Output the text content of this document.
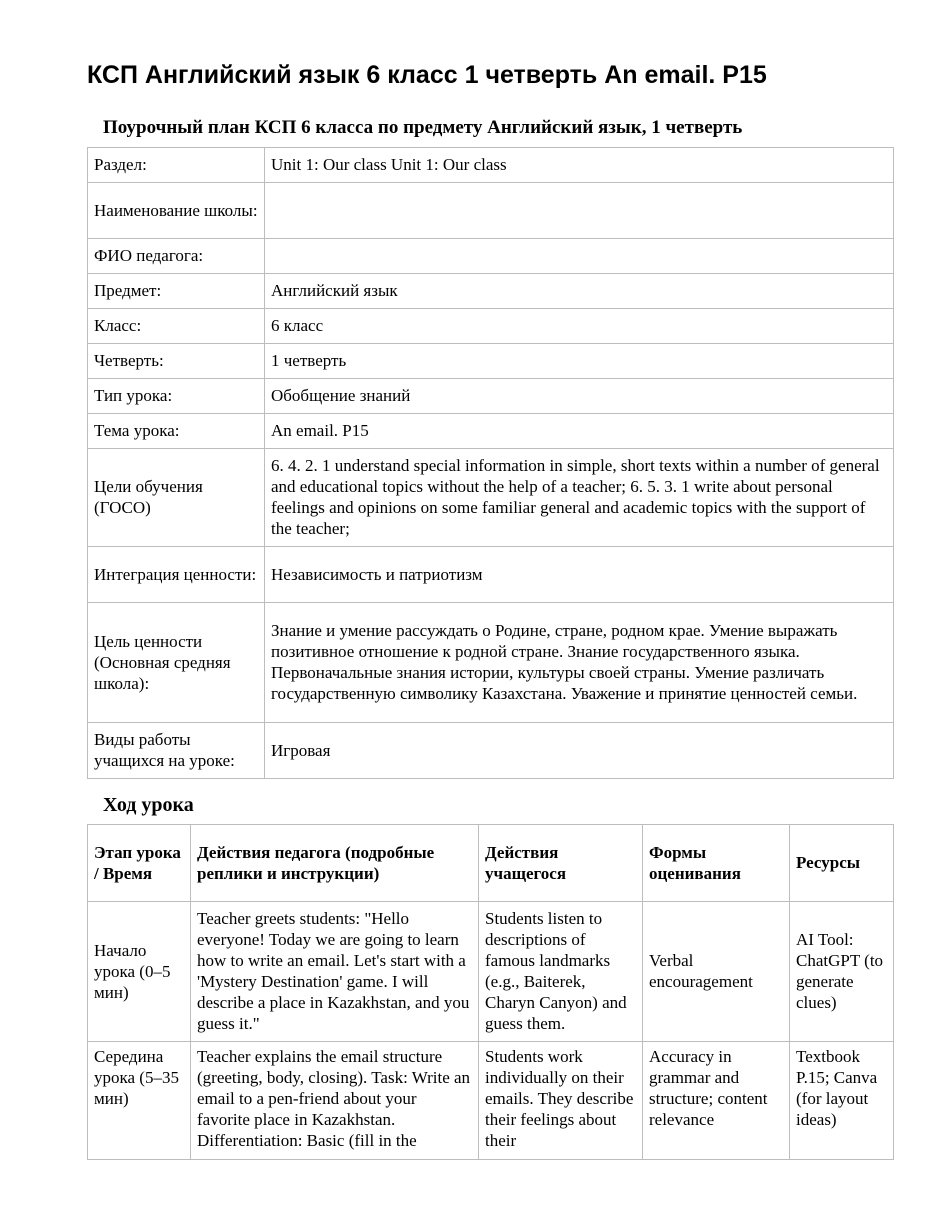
КСП Английский язык 6 класс 1 четверть An email. P15
Поурочный план КСП 6 класса по предмету Английский язык, 1 четверть
Раздел:	Unit 1: Our class Unit 1: Our class
Наименование школы:	
ФИО педагога:	
Предмет:	Английский язык
Класс:	6 класс
Четверть:	1 четверть
Тип урока:	Обобщение знаний
Тема урока:	An email. P15
Цели обучения (ГОСО)	6. 4. 2. 1 understand special information in simple, short texts within a number of general and educational topics without the help of a teacher; 6. 5. 3. 1 write about personal feelings and opinions on some familiar general and academic topics with the support of the teacher;
Интеграция ценности:	Независимость и патриотизм
Цель ценности (Основная средняя школа):	Знание и умение рассуждать о Родине, стране, родном крае. Умение выражать позитивное отношение к родной стране. Знание государственного языка. Первоначальные знания истории, культуры своей страны. Умение различать государственную символику Казахстана. Уважение и принятие ценностей семьи.
Виды работы учащихся на уроке:	Игровая
Ход урока
Этап урока / Время	Действия педагога (подробные реплики и инструкции)	Действия учащегося	Формы оценивания	Ресурсы
Начало урока (0–5 мин)	Teacher greets students: "Hello everyone! Today we are going to learn how to write an email. Let's start with a 'Mystery Destination' game. I will describe a place in Kazakhstan, and you guess it."	Students listen to descriptions of famous landmarks (e.g., Baiterek, Charyn Canyon) and guess them.	Verbal encouragement	AI Tool: ChatGPT (to generate clues)

Середина урока (5–35 мин)	Teacher explains the email structure (greeting, body, closing). Task: Write an email to a pen-friend about your favorite place in Kazakhstan. Differentiation: Basic (fill in the	Students work individually on their emails. They describe their feelings about their	Accuracy in grammar and structure; content relevance	Textbook P.15; Canva (for layout ideas)
